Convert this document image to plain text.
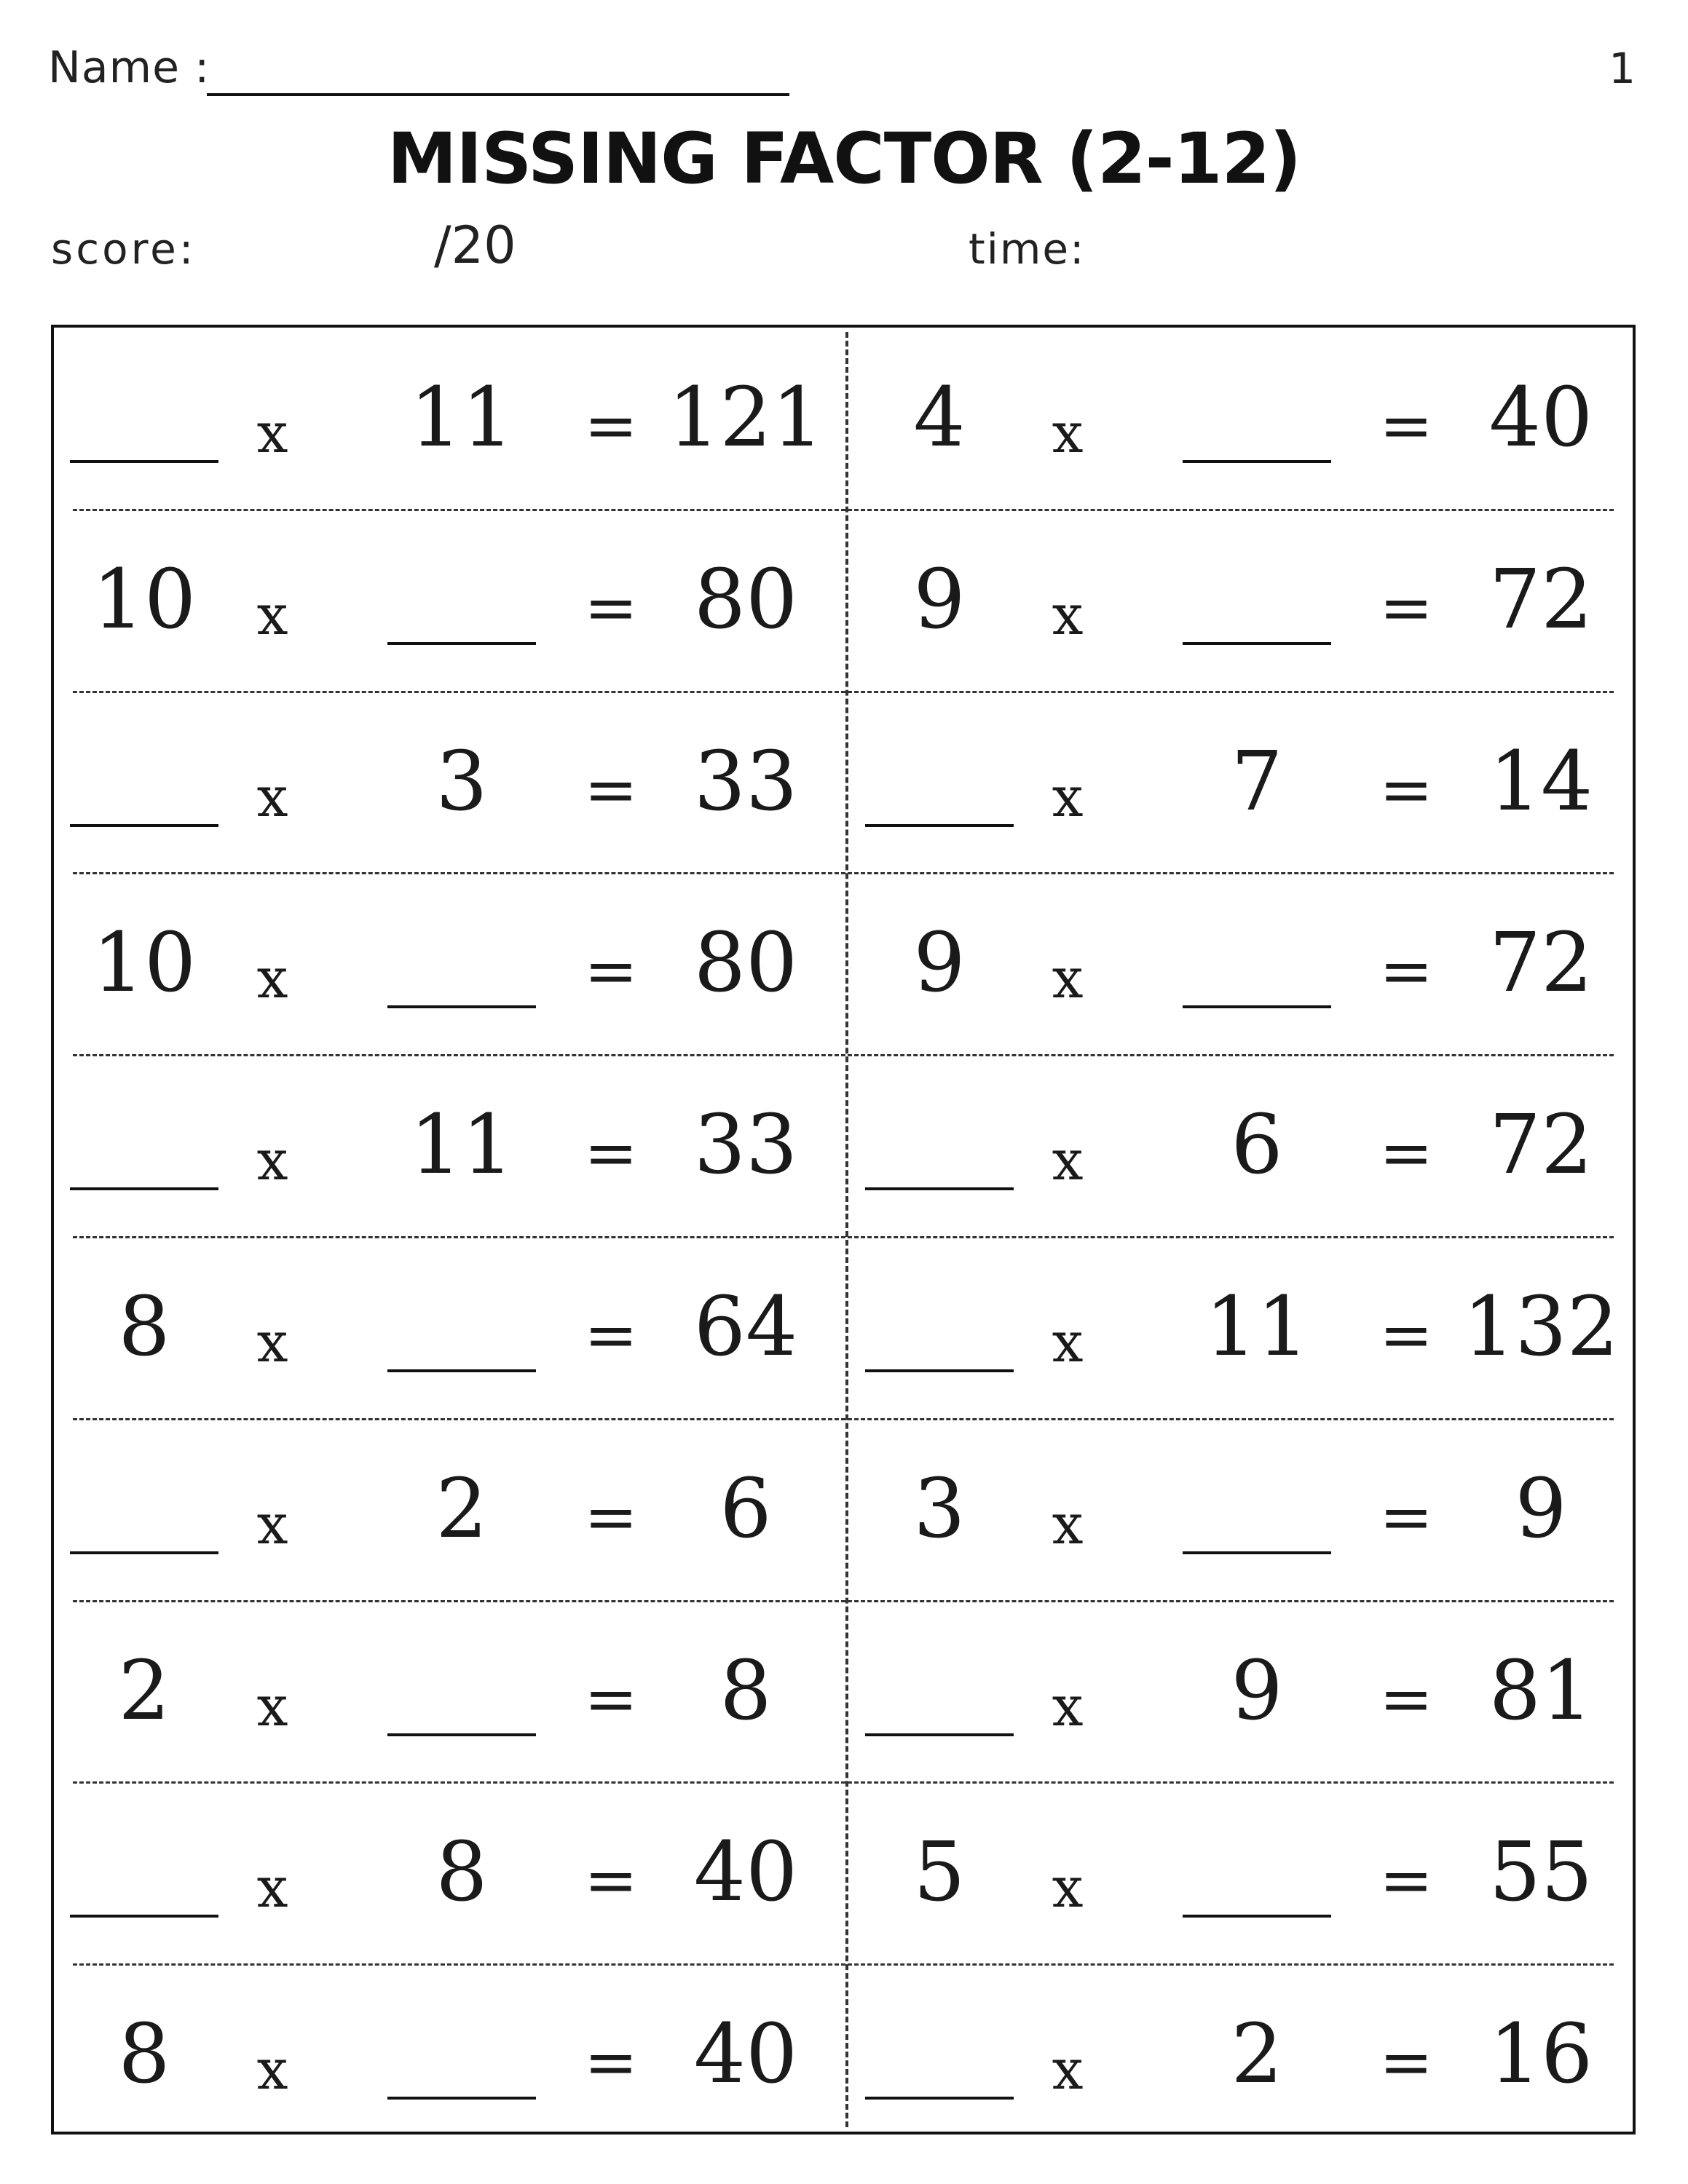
Name :	1
MISSING FACTOR (2-12)
score:	/20	time:
x	11	= 121	4	x	= 40
10	x	= 80	9	x	= 72
x	3	= 33	x	7	= 14
10	x	= 80	9	x	= 72
x	11	= 33	x	6	= 72
8	x	= 64	x	11	= 132
x	2	=	6	3	x	=	9
2	x	=	8	x	9	= 81
x	8	= 40	5	x	= 55
8	x	= 40	x	2	= 16
